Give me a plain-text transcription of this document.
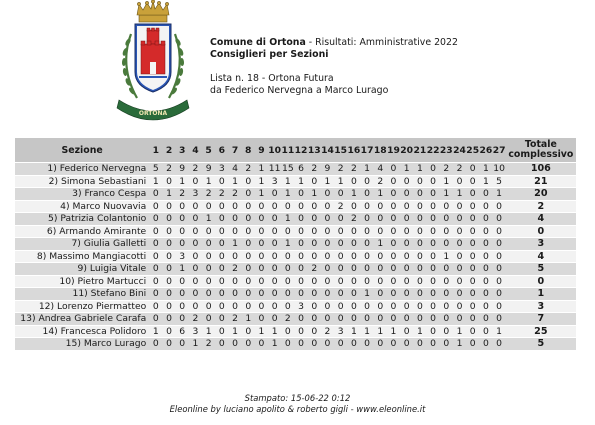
ORTONA
Comune di Ortona - Risultati: Amministrative 2022
Consiglieri per Sezioni
Lista n. 18 - Ortona Futura
da Federico Nervegna a Marco Lurago
Sezione	1	2	3	4	5	6	7	8	9	10	11	12	13	14	15	16	17	18	19	20	21	22	23	24	25	26	27	Totale complessivo
1) Federico Nervegna	5	2	9	2	9	3	4	2	1	11	15	6	2	9	2	2	1	4	0	1	1	0	2	2	0	1	10	106
2) Simona Sebastiani	1	0	1	0	1	0	1	0	1	3	1	1	0	1	1	0	0	2	0	0	0	0	1	0	0	1	5	21
3) Franco Cespa	0	1	2	3	2	2	2	0	1	0	1	0	1	0	0	1	0	1	0	0	0	0	1	1	0	0	1	20
4) Marco Nuovavia	0	0	0	0	0	0	0	0	0	0	0	0	0	0	2	0	0	0	0	0	0	0	0	0	0	0	0	2
5) Patrizia Colantonio	0	0	0	0	1	0	0	0	0	0	1	0	0	0	0	2	0	0	0	0	0	0	0	0	0	0	0	4
6) Armando Amirante	0	0	0	0	0	0	0	0	0	0	0	0	0	0	0	0	0	0	0	0	0	0	0	0	0	0	0	0
7) Giulia Galletti	0	0	0	0	0	0	1	0	0	0	1	0	0	0	0	0	0	1	0	0	0	0	0	0	0	0	0	3
8) Massimo Mangiacotti	0	0	3	0	0	0	0	0	0	0	0	0	0	0	0	0	0	0	0	0	0	0	1	0	0	0	0	4
9) Luigia Vitale	0	0	1	0	0	0	2	0	0	0	0	0	2	0	0	0	0	0	0	0	0	0	0	0	0	0	0	5
10) Pietro Martucci	0	0	0	0	0	0	0	0	0	0	0	0	0	0	0	0	0	0	0	0	0	0	0	0	0	0	0	0
11) Stefano Bini	0	0	0	0	0	0	0	0	0	0	0	0	0	0	0	0	1	0	0	0	0	0	0	0	0	0	0	1
12) Lorenzo Piermatteo	0	0	0	0	0	0	0	0	0	0	0	3	0	0	0	0	0	0	0	0	0	0	0	0	0	0	0	3
13) Andrea Gabriele Carafa	0	0	0	2	0	0	2	1	0	0	2	0	0	0	0	0	0	0	0	0	0	0	0	0	0	0	0	7
14) Francesca Polidoro	1	0	6	3	1	0	1	0	1	1	0	0	0	2	3	1	1	1	1	0	1	0	0	1	0	0	1	25
15) Marco Lurago	0	0	0	1	2	0	0	0	0	1	0	0	0	0	0	0	0	0	0	0	0	0	0	1	0	0	0	5
Stampato: 15-06-22 0:12
Eleonline by luciano apolito & roberto gigli - www.eleonline.it
